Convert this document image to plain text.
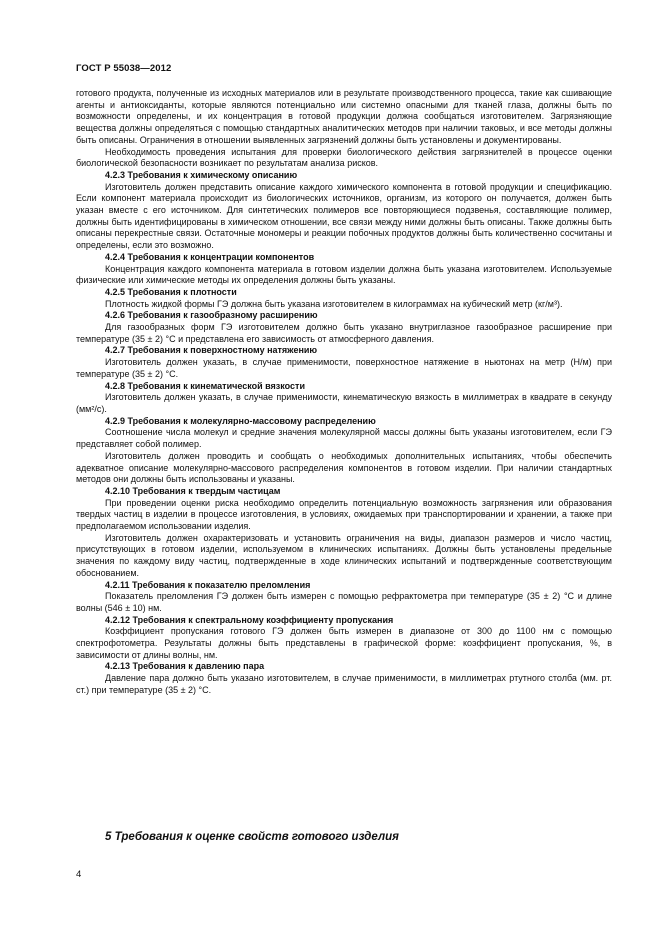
ГОСТ Р 55038—2012

готового продукта, полученные из исходных материалов или в результате производственного процесса, такие как сшивающие агенты и антиоксиданты, которые являются потенциально или системно опасными для тканей глаза, должны быть по возможности определены, и их концентрация в готовой продукции должна сообщаться изготовителем. Загрязняющие вещества должны определяться с помощью стандартных аналитических методов при наличии таковых, и все методы должны быть описаны. Ограничения в отношении выявленных загрязнений должны быть установлены и документированы.

Необходимость проведения испытания для проверки биологического действия загрязнителей в процессе оценки биологической безопасности возникает по результатам анализа рисков.

4.2.3 Требования к химическому описанию

Изготовитель должен представить описание каждого химического компонента в готовой продукции и спецификацию. Если компонент материала происходит из биологических источников, организм, из которого он получается, должен быть указан вместе с его источником. Для синтетических полимеров все повторяющиеся подзвенья, составляющие полимер, должны быть идентифицированы в химическом отношении, все связи между ними должны быть описаны. Также должны быть описаны перекрестные связи. Остаточные мономеры и реакции побочных продуктов должны быть количественно сосчитаны и определены, если это возможно.

4.2.4 Требования к концентрации компонентов

Концентрация каждого компонента материала в готовом изделии должна быть указана изготовителем. Используемые физические или химические методы их определения должны быть указаны.

4.2.5 Требования к плотности

Плотность жидкой формы ГЭ должна быть указана изготовителем в килограммах на кубический метр (кг/м³).

4.2.6 Требования к газообразному расширению

Для газообразных форм ГЭ изготовителем должно быть указано внутриглазное газообразное расширение при температуре (35 ± 2) °С и представлена его зависимость от атмосферного давления.

4.2.7 Требования к поверхностному натяжению

Изготовитель должен указать, в случае применимости, поверхностное натяжение в ньютонах на метр (Н/м) при температуре (35 ± 2) °С.

4.2.8 Требования к кинематической вязкости

Изготовитель должен указать, в случае применимости, кинематическую вязкость в миллиметрах в квадрате в секунду (мм²/с).

4.2.9 Требования к молекулярно-массовому распределению

Соотношение числа молекул и средние значения молекулярной массы должны быть указаны изготовителем, если ГЭ представляет собой полимер.

Изготовитель должен проводить и сообщать о необходимых дополнительных испытаниях, чтобы обеспечить адекватное описание молекулярно-массового распределения компонентов в готовом изделии. При наличии стандартных методов они должны быть использованы и указаны.

4.2.10 Требования к твердым частицам

При проведении оценки риска необходимо определить потенциальную возможность загрязнения или образования твердых частиц в изделии в процессе изготовления, в условиях, ожидаемых при транспортировании и хранении, а также при предполагаемом использовании изделия.

Изготовитель должен охарактеризовать и установить ограничения на виды, диапазон размеров и число частиц, присутствующих в готовом изделии, используемом в клинических испытаниях. Должны быть установлены предельные значения по каждому виду частиц, подтвержденные в ходе клинических испытаний и подтвержденные соответствующим обоснованием.

4.2.11 Требования к показателю преломления

Показатель преломления ГЭ должен быть измерен с помощью рефрактометра при температуре (35 ± 2) °С и длине волны (546 ± 10) нм.

4.2.12 Требования к спектральному коэффициенту пропускания

Коэффициент пропускания готового ГЭ должен быть измерен в диапазоне от 300 до 1100 нм с помощью спектрофотометра. Результаты должны быть представлены в графической форме: коэффициент пропускания, %, в зависимости от длины волны, нм.

4.2.13 Требования к давлению пара

Давление пара должно быть указано изготовителем, в случае применимости, в миллиметрах ртутного столба (мм. рт. ст.) при температуре (35 ± 2) °С.

5 Требования к оценке свойств готового изделия
4
